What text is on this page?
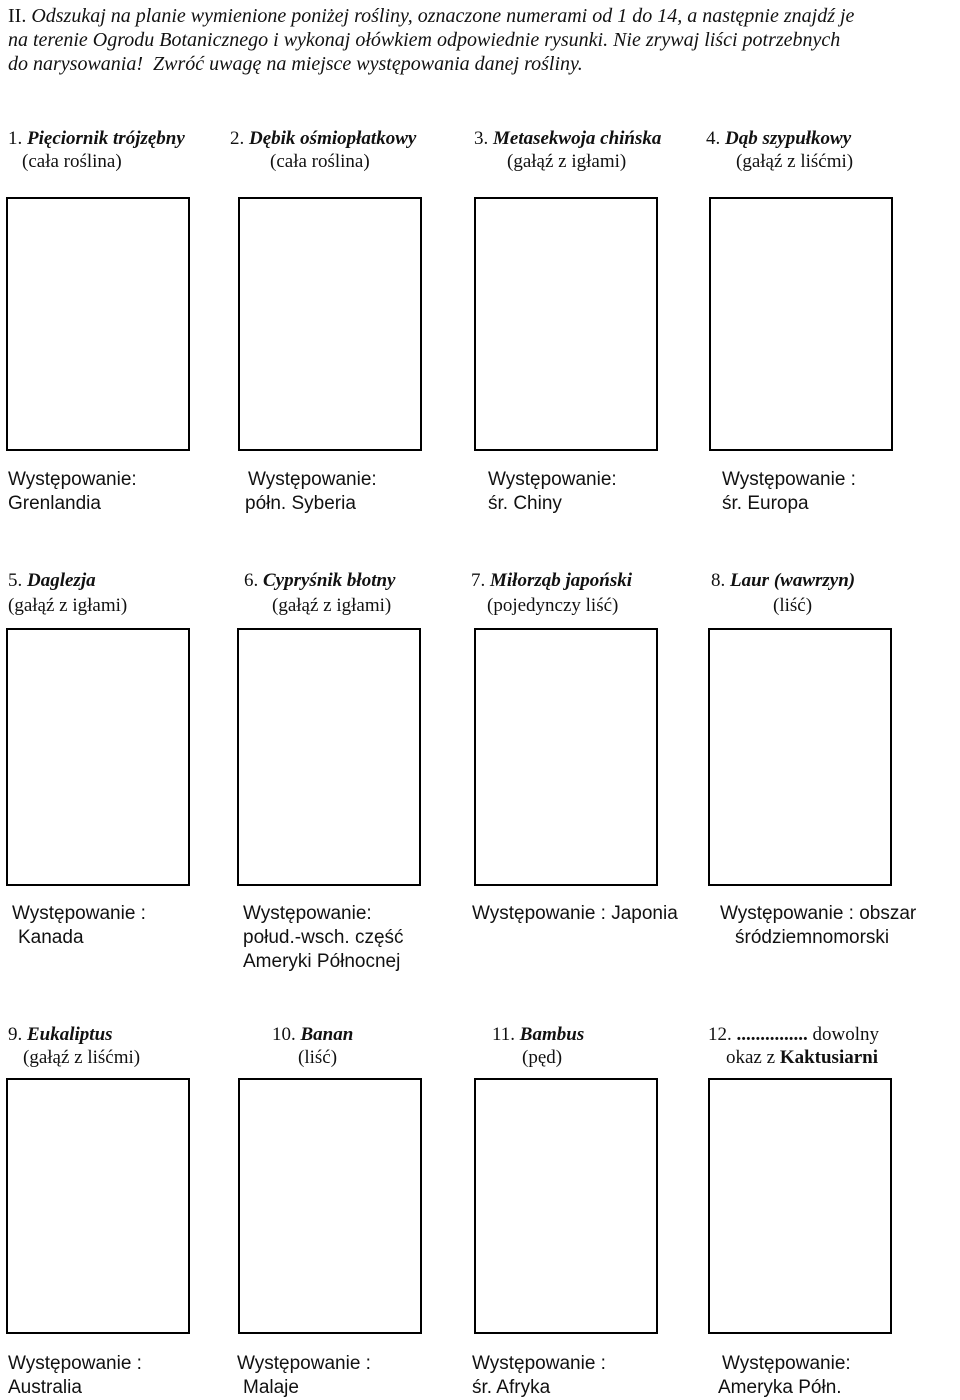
II. Odszukaj na planie wymienione poniżej rośliny, oznaczone numerami od 1 do 14, a następnie znajdź je
na terenie Ogrodu Botanicznego i wykonaj ołówkiem odpowiednie rysunki. Nie zrywaj liści potrzebnych
do narysowania!  Zwróć uwagę na miejsce występowania danej rośliny.
1. Pięciornik trójzębny
(cała roślina)
Występowanie:
Grenlandia
2. Dębik ośmiopłatkowy
(cała roślina)
Występowanie:
półn. Syberia
3. Metasekwoja chińska
(gałąź z igłami)
Występowanie:
śr. Chiny
4. Dąb szypułkowy
(gałąź z liśćmi)
Występowanie :
śr. Europa
5. Daglezja
(gałąź z igłami)
Występowanie :
Kanada
6. Cypryśnik błotny
(gałąź z igłami)
Występowanie:
połud.-wsch. część
Ameryki Północnej
7. Miłorząb japoński
(pojedynczy liść)
Występowanie : Japonia
8. Laur (wawrzyn)
(liść)
Występowanie : obszar
śródziemnomorski
9. Eukaliptus
(gałąź z liśćmi)
Występowanie :
Australia
10. Banan
(liść)
Występowanie :
Malaje
11. Bambus
(pęd)
Występowanie :
śr. Afryka
12. ............... dowolny
okaz z Kaktusiarni
Występowanie:
Ameryka Półn.
